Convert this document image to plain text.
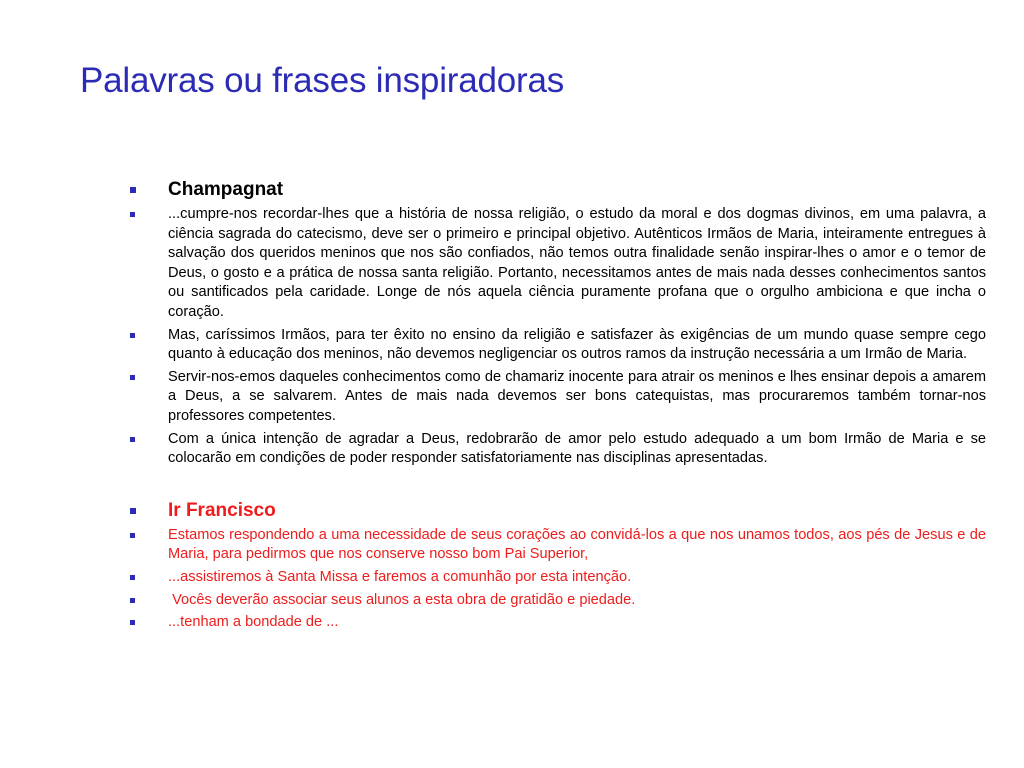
Palavras ou frases inspiradoras
Champagnat
...cumpre-nos recordar-lhes que a história de nossa religião, o estudo da moral e dos dogmas divinos, em uma palavra, a ciência sagrada do catecismo, deve ser o primeiro e principal objetivo. Autênticos Irmãos de Maria, inteiramente entregues à salvação dos queridos meninos que nos são confiados, não temos outra finalidade senão inspirar-lhes o amor e o temor de Deus, o gosto e a prática de nossa santa religião. Portanto, necessitamos antes de mais nada desses conhecimentos santos ou santificados pela caridade. Longe de nós aquela ciência puramente profana que o orgulho ambiciona e que incha o coração.
Mas, caríssimos Irmãos, para ter êxito no ensino da religião e satisfazer às exigências de um mundo quase sempre cego quanto à educação dos meninos, não devemos negligenciar os outros ramos da instrução necessária a um Irmão de Maria.
Servir-nos-emos daqueles conhecimentos como de chamariz inocente para atrair os meninos e lhes ensinar depois a amarem a Deus, a se salvarem. Antes de mais nada devemos ser bons catequistas, mas procuraremos também tornar-nos professores competentes.
Com a única intenção de agradar a Deus, redobrarão de amor pelo estudo adequado a um bom Irmão de Maria e se colocarão em condições de poder responder satisfatoriamente nas disciplinas apresentadas.
Ir Francisco
Estamos respondendo a uma necessidade de seus corações ao convidá-los a que nos unamos todos, aos pés de Jesus e de Maria, para pedirmos que nos conserve nosso bom Pai Superior,
...assistiremos à Santa Missa e faremos a comunhão por esta intenção.
Vocês deverão associar seus alunos a esta obra de gratidão e piedade.
...tenham a bondade de ...
